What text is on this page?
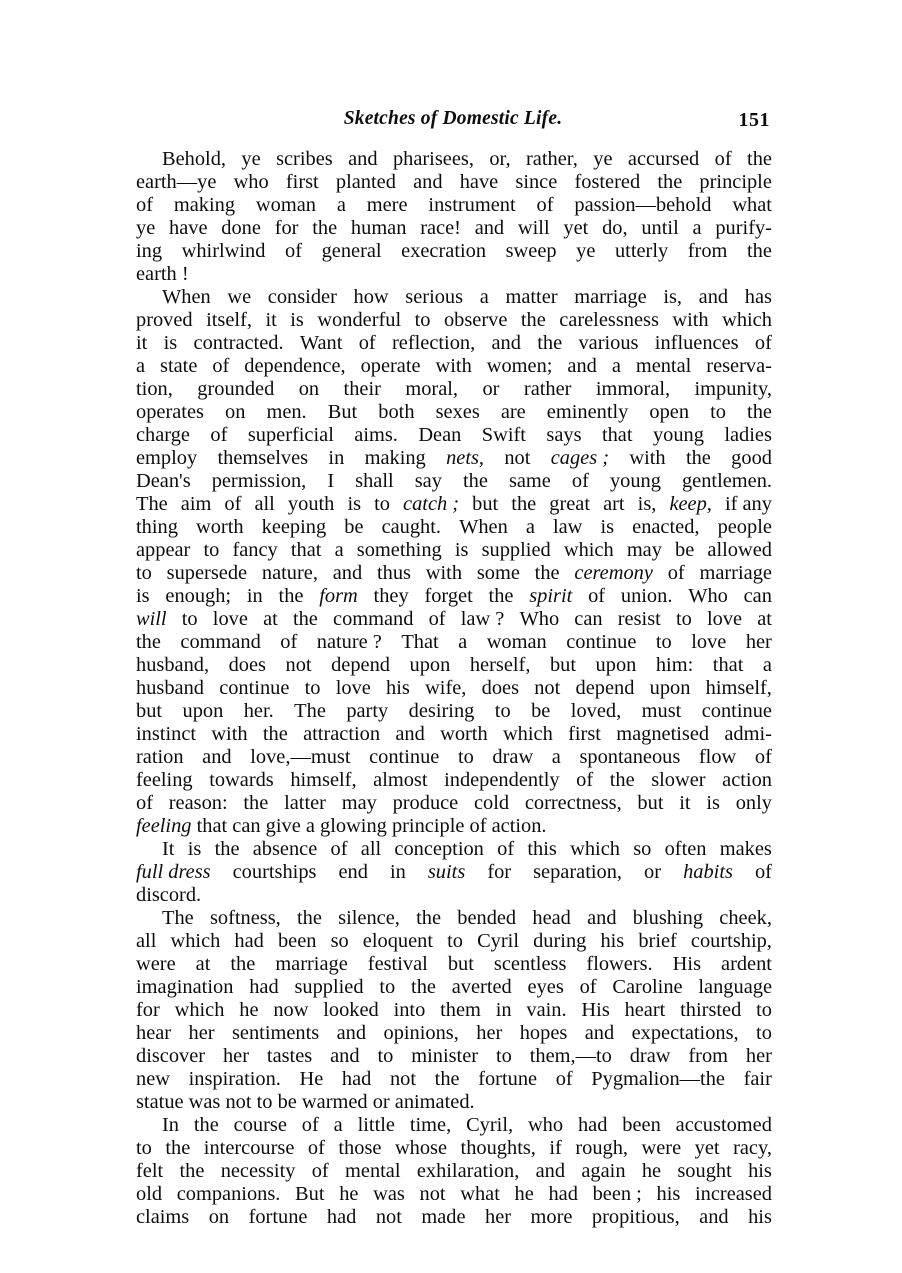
Sketches of Domestic Life.	151
Behold, ye scribes and pharisees, or, rather, ye accursed of the
earth—ye who first planted and have since fostered the principle
of making woman a mere instrument of passion—behold what
ye have done for the human race! and will yet do, until a purify-
ing whirlwind of general execration sweep ye utterly from the
earth !
When we consider how serious a matter marriage is, and has
proved itself, it is wonderful to observe the carelessness with which
it is contracted. Want of reflection, and the various influences of
a state of dependence, operate with women; and a mental reserva-
tion, grounded on their moral, or rather immoral, impunity,
operates on men. But both sexes are eminently open to the
charge of superficial aims. Dean Swift says that young ladies
employ themselves in making nets, not cages ; with the good
Dean's permission, I shall say the same of young gentlemen.
The aim of all youth is to catch ; but the great art is, keep, if any
thing worth keeping be caught. When a law is enacted, people
appear to fancy that a something is supplied which may be allowed
to supersede nature, and thus with some the ceremony of marriage
is enough; in the form they forget the spirit of union. Who can
will to love at the command of law ? Who can resist to love at
the command of nature ? That a woman continue to love her
husband, does not depend upon herself, but upon him: that a
husband continue to love his wife, does not depend upon himself,
but upon her. The party desiring to be loved, must continue
instinct with the attraction and worth which first magnetised admi-
ration and love,—must continue to draw a spontaneous flow of
feeling towards himself, almost independently of the slower action
of reason: the latter may produce cold correctness, but it is only
feeling that can give a glowing principle of action.
It is the absence of all conception of this which so often makes
full dress courtships end in suits for separation, or habits of
discord.
The softness, the silence, the bended head and blushing cheek,
all which had been so eloquent to Cyril during his brief courtship,
were at the marriage festival but scentless flowers. His ardent
imagination had supplied to the averted eyes of Caroline language
for which he now looked into them in vain. His heart thirsted to
hear her sentiments and opinions, her hopes and expectations, to
discover her tastes and to minister to them,—to draw from her
new inspiration. He had not the fortune of Pygmalion—the fair
statue was not to be warmed or animated.
In the course of a little time, Cyril, who had been accustomed
to the intercourse of those whose thoughts, if rough, were yet racy,
felt the necessity of mental exhilaration, and again he sought his
old companions. But he was not what he had been ; his increased
claims on fortune had not made her more propitious, and his
